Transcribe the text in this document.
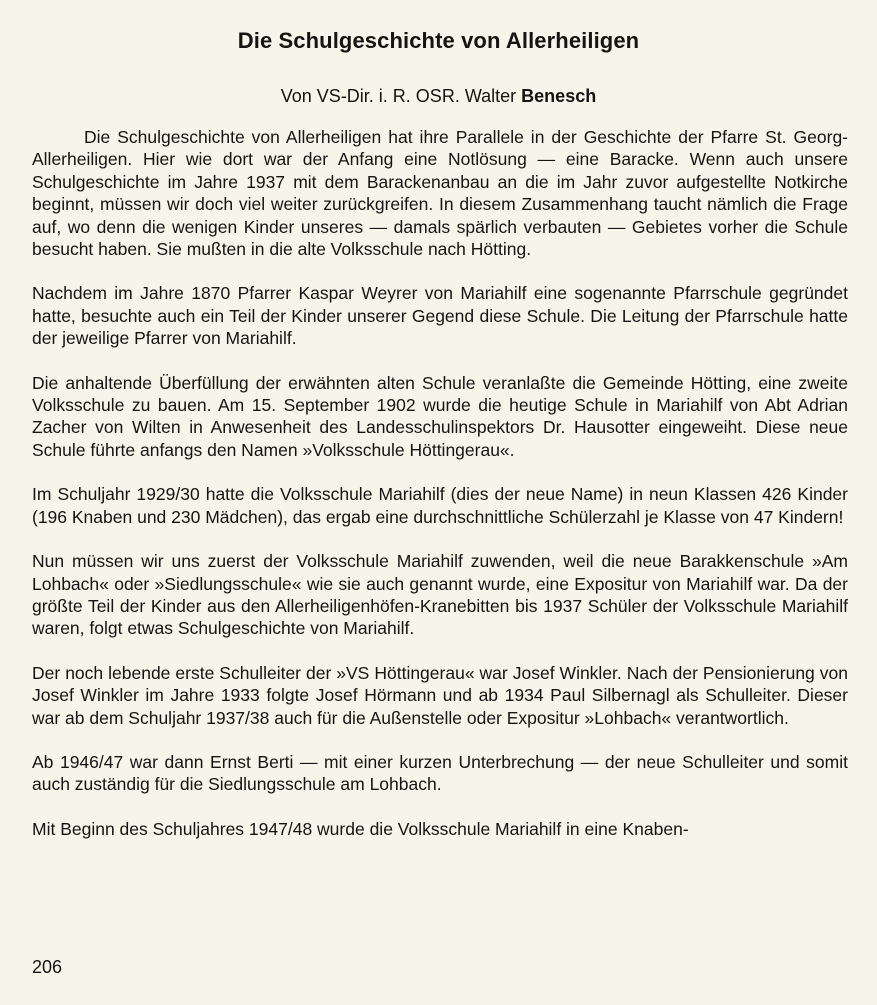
Die Schulgeschichte von Allerheiligen
Von VS-Dir. i. R. OSR. Walter Benesch

Die Schulgeschichte von Allerheiligen hat ihre Parallele in der Geschichte der Pfarre St. Georg-Allerheiligen. Hier wie dort war der Anfang eine Notlösung — eine Baracke. Wenn auch unsere Schulgeschichte im Jahre 1937 mit dem Barackenanbau an die im Jahr zuvor aufgestellte Notkirche beginnt, müssen wir doch viel weiter zurückgreifen. In diesem Zusammenhang taucht nämlich die Frage auf, wo denn die wenigen Kinder unseres — damals spärlich verbauten — Gebietes vorher die Schule besucht haben. Sie mußten in die alte Volksschule nach Hötting.

Nachdem im Jahre 1870 Pfarrer Kaspar Weyrer von Mariahilf eine sogenannte Pfarrschule gegründet hatte, besuchte auch ein Teil der Kinder unserer Gegend diese Schule. Die Leitung der Pfarrschule hatte der jeweilige Pfarrer von Mariahilf.

Die anhaltende Überfüllung der erwähnten alten Schule veranlaßte die Gemeinde Hötting, eine zweite Volksschule zu bauen. Am 15. September 1902 wurde die heutige Schule in Mariahilf von Abt Adrian Zacher von Wilten in Anwesenheit des Landesschulinspektors Dr. Hausotter eingeweiht. Diese neue Schule führte anfangs den Namen »Volksschule Höttingerau«.

Im Schuljahr 1929/30 hatte die Volksschule Mariahilf (dies der neue Name) in neun Klassen 426 Kinder (196 Knaben und 230 Mädchen), das ergab eine durchschnittliche Schülerzahl je Klasse von 47 Kindern!

Nun müssen wir uns zuerst der Volksschule Mariahilf zuwenden, weil die neue Barakkenschule »Am Lohbach« oder »Siedlungsschule« wie sie auch genannt wurde, eine Expositur von Mariahilf war. Da der größte Teil der Kinder aus den Allerheiligenhöfen-Kranebitten bis 1937 Schüler der Volksschule Mariahilf waren, folgt etwas Schulgeschichte von Mariahilf.

Der noch lebende erste Schulleiter der »VS Höttingerau« war Josef Winkler. Nach der Pensionierung von Josef Winkler im Jahre 1933 folgte Josef Hörmann und ab 1934 Paul Silbernagl als Schulleiter. Dieser war ab dem Schuljahr 1937/38 auch für die Außenstelle oder Expositur »Lohbach« verantwortlich.

Ab 1946/47 war dann Ernst Berti — mit einer kurzen Unterbrechung — der neue Schulleiter und somit auch zuständig für die Siedlungsschule am Lohbach.

Mit Beginn des Schuljahres 1947/48 wurde die Volksschule Mariahilf in eine Knaben-

206
